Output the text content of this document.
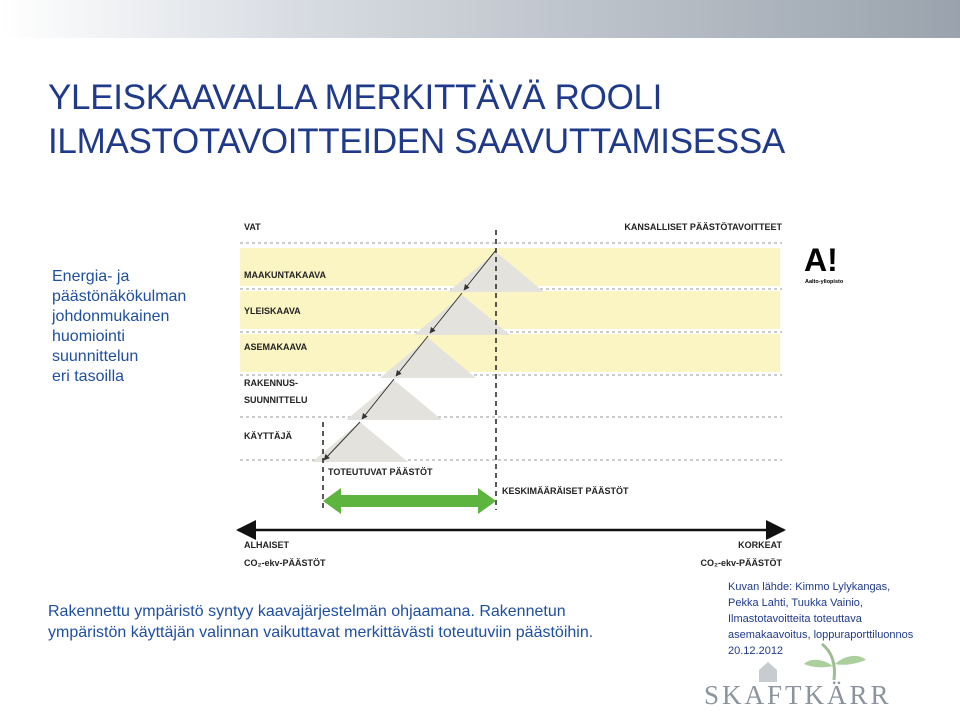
YLEISKAAVALLA MERKITTÄVÄ ROOLI
ILMASTOTAVOITTEIDEN SAAVUTTAMISESSA
Energia- ja
päästönäkökulman
johdonmukainen
huomiointi
suunnittelun
eri tasoilla
VAT	KANSALLISET PÄÄSTÖTAVOITTEET
MAAKUNTAKAAVA
YLEISKAAVA
ASEMAKAAVA
RAKENNUS-
SUUNNITTELU
KÄYTTÄJÄ
TOTEUTUVAT PÄÄSTÖT
KESKIMÄÄRÄISET PÄÄSTÖT
ALHAISET	KORKEAT
CO₂-ekv-PÄÄSTÖT	CO₂-ekv-PÄÄSTÖT
A!
Aalto-yliopisto
Rakennettu ympäristö syntyy kaavajärjestelmän ohjaamana. Rakennetun
ympäristön käyttäjän valinnan vaikuttavat merkittävästi toteutuviin päästöihin.
Kuvan lähde: Kimmo Lylykangas,
Pekka Lahti, Tuukka Vainio,
Ilmastotavoitteita toteuttava
asemakaavoitus, loppuraporttiluonnos
20.12.2012
SKAFTKÄRR
